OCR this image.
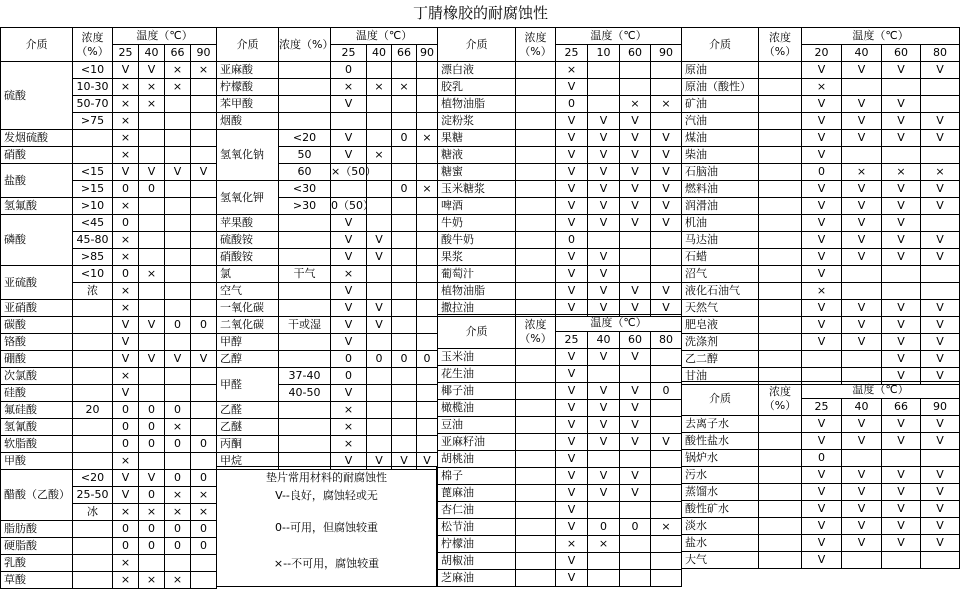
丁腈橡胶的耐腐蚀性
介质	浓度（%）	温度（℃）			
		25	40	66	90
硫酸	<10	V	V	×	×
	10-30	×	×	×	
	50-70	×	×		
	>75	×			
发烟硫酸		×			
硝酸		×			
盐酸	<15	V	V	V	V
	>15	0	0		
氢氟酸	>10	×			
磷酸	<45	0			
	45-80	×			
	>85	×			
亚硫酸	<10	0	×		
	浓	×			
亚硝酸		×			
碳酸		V	V	0	0
铬酸		V			
硼酸		V	V	V	V
次氯酸		×			
硅酸		V			
氟硅酸	20	0	0	0	
氢氰酸		0	0	×	
软脂酸		0	0	0	0
甲酸		×			
醋酸（乙酸）	<20	V	V	0	0
	25-50	V	0	×	×
	冰	×	×	×	×
脂肪酸		0	0	0	0
硬脂酸		0	0	0	0
乳酸		×			
草酸		×	×	×	
介质	浓度（%）	温度（℃）			
		25	40	66	90
亚麻酸		0			
柠檬酸		×	×	×	
苯甲酸		V			
烟酸					
氢氧化钠	<20	V		0	×
	50	V	×		
	60	×（50）			
氢氧化钾	<30			0	×
	>30	0（50）			
苹果酸		V			
硫酸铵		V	V		
硝酸铵		V	V		
氯	干气	×			
空气		V			
一氧化碳		V	V		
二氧化碳	干或湿	V	V		
甲醇		V			
乙醇		0	0	0	0
甲醛	37-40	0			
	40-50	V			
乙醛		×			
乙醚		×			
丙酮		×			
甲烷		V	V	V	V
介质	浓度（%）	温度（℃）			
		25	10	60	90
漂白液		×			
胶乳		V			
植物油脂		0		×	×
淀粉浆		V	V	V	
果糖		V	V	V	V
糖液		V	V	V	V
糖蜜		V	V	V	V
玉米糖浆		V	V	V	V
啤酒		V	V	V	V
牛奶		V	V	V	V
酸牛奶		0			
果浆		V	V		
葡萄汁		V	V		
植物油脂		V	V	V	V
撒拉油		V	V	V	V
介质	浓度（%）	温度（℃）			
		25	40	60	80
玉米油		V	V	V	
花生油		V			
椰子油		V	V	V	0
橄榄油		V	V	V	
豆油		V	V	V	
亚麻籽油		V	V	V	V
胡桃油		V			
棉子		V	V	V	
蓖麻油		V	V	V	
杏仁油		V			
松节油		V	0	0	×
柠檬油		×	×		
胡椒油		V			
芝麻油		V			
介质	浓度（%）	温度（℃）			
		20	40	60	80
原油		V	V	V	V
原油（酸性）		×			
矿油		V	V	V	
汽油		V	V	V	V
煤油		V	V	V	V
柴油		V			
石脑油		0	×	×	×
燃料油		V	V	V	V
润滑油		V	V	V	V
机油		V	V	V	
马达油		V	V	V	V
石蜡		V	V	V	V
沼气		V			
液化石油气		×			
天然气		V	V	V	V
肥皂液		V	V	V	V
洗涤剂		V	V	V	V
乙二醇				V	V
甘油				V	V
介质	浓度（%）	温度（℃）			
		25	40	66	90
去离子水		V	V	V	V
酸性盐水		V	V	V	V
锅炉水		0			
污水		V	V	V	V
蒸馏水		V	V	V	V
酸性矿水		V	V	V	V
淡水		V	V	V	V
盐水		V	V	V	V
大气		V			
垫片常用材料的耐腐蚀性
V--良好，腐蚀轻或无
0--可用，但腐蚀较重
×--不可用，腐蚀较重
